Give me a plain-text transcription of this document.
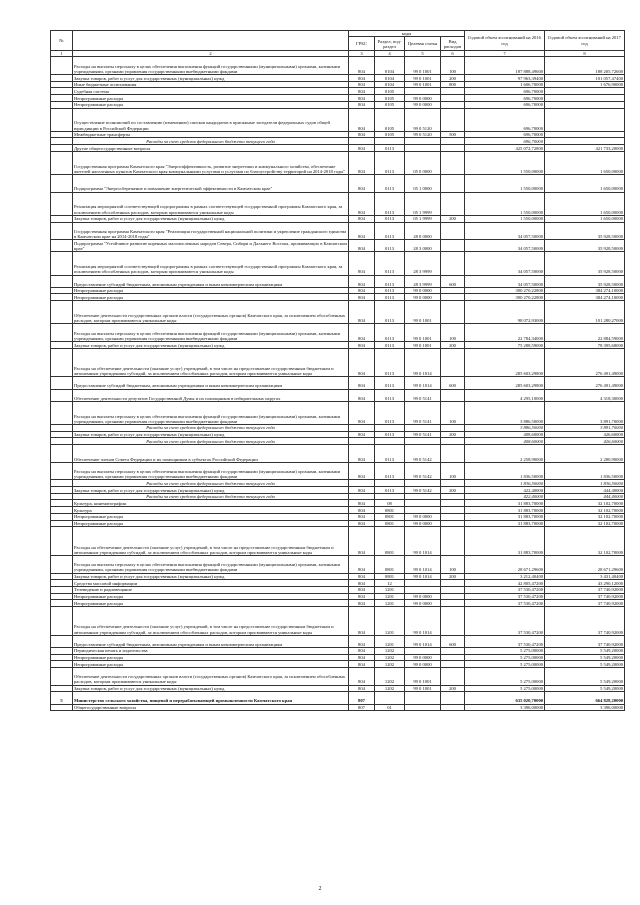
№		коды				Годовой объем ассигнований на 2016 год	Годовой объем ассигнований на 2017 год
		ГРБС	Раздел, под-раздел	Целевая статья	Вид расходов		
1	2	3	4	5	6	7	8
	Расходы на выплаты персоналу в целях обеспечения выполнения функций государственными (муниципальными) органами, казенными учреждениями, органами управления государственными внебюджетными фондами	804	0104	99 0 1001	100	187 888,49600	188 205,72600
	Закупка товаров, работ и услуг для государственных (муниципальных) нужд	804	0104	99 0 1001	200	97 963,39400	101 057,47400
	Иные бюджетные ассигнования	804	0104	99 0 1001	800	1 606,70000	1 676,90000
	Судебная система	804	0105			696,70000	
	Непрограммные расходы	804	0105	99 0 0000		696,70000	
	Непрограммные расходы	804	0105	99 0 0000		696,70000	
	Осуществление полномочий по составлению (изменению) списков кандидатов в присяжные заседатели федеральных судов общей юрисдикции в Российской Федерации	804	0105	99 0 5120		696,70000	
	Межбюджетные трансферты	804	0105	99 0 5120	500	696,70000	
	Расходы за счет средств федерального бюджета текущего года					696,70000	
	Другие общегосударственные вопросы	804	0113			425 072,72800	421 733,20000
	Государственная программа Камчатского края "Энергоэффективность, развитие энергетики и коммунального хозяйства, обеспечение жителей населенных пунктов Камчатского края коммунальными услугами и услугами по благоустройству территорий на 2014-2018 годы"	804	0113	05 0 0000		1 550,00000	1 650,00000
	Подпрограмма "Энергосбережение и повышение энергетической эффективности в Камчатском крае"	804	0113	05 1 0000		1 550,00000	1 650,00000
	Реализация мероприятий соответствующей подпрограммы в рамках соответствующей государственной программы Камчатского края, за исключением обособленных расходов, которым присваиваются уникальные коды	804	0113	05 1 9999		1 550,00000	1 650,00000
	Закупка товаров, работ и услуг для государственных (муниципальных) нужд	804	0113	05 1 9999	200	1 550,00000	1 650,00000
	Государственная программа Камчатского края "Реализация государственной национальной политики и укрепление гражданского единства в Камчатском крае на 2014-2018 годы"	804	0113	28 0 0000		34 057,50000	35 928,50000
	Подпрограмма "Устойчивое развитие коренных малочисленных народов Севера, Сибири и Дальнего Востока, проживающих в Камчатском крае"	804	0113	28 3 0000		34 057,50000	35 928,50000
	Реализация мероприятий соответствующей подпрограммы в рамках соответствующей государственной программы Камчатского края, за исключением обособленных расходов, которым присваиваются уникальные коды	804	0113	28 3 9999		34 057,50000	35 928,50000
	Предоставление субсидий бюджетным, автономным учреждениям и иным некоммерческим организациям	804	0113	28 3 9999	600	34 057,50000	35 928,50000
	Непрограммные расходы	804	0113	99 0 0000		390 270,22800	384 274,10000
	Непрограммные расходы	804	0113	99 0 0000		390 270,22800	384 274,10000
	Обеспечение деятельности государственных органов власти (государственных органов) Камчатского края, за исключением обособленных расходов, которым присваиваются уникальные коды	804	0113	99 0 1001		98 072,93000	101 280,27000
	Расходы на выплаты персоналу в целях обеспечения выполнения функций государственными (муниципальными) органами, казенными учреждениями, органами управления государственными внебюджетными фондами	804	0113	99 0 1001	100	22 784,34000	22 884,59000
	Закупка товаров, работ и услуг для государственных (муниципальных) нужд	804	0113	99 0 1001	200	75 288,59000	78 395,68000
	Расходы на обеспечение деятельности (оказание услуг) учреждений, в том числе на предоставление государственным бюджетным и автономным учреждениям субсидий, за исключением обособленных расходов, которым присваиваются уникальные коды	804	0113	99 0 1014		285 603,29800	276 491,49000
	Предоставление субсидий бюджетным, автономным учреждениям и иным некоммерческим организациям	804	0113	99 0 1014	600	285 603,29800	276 491,49000
	Обеспечение деятельности депутатов Государственной Думы и их помощников в избирательных округах	804	0113	99 0 5141		4 295,10000	4 318,30000
	Расходы на выплаты персоналу в целях обеспечения выполнения функций государственными (муниципальными) органами, казенными учреждениями, органами управления государственными внебюджетными фондами	804	0113	99 0 5141	100	3 886,50000	3 891,70000
	Расходы за счет средств федерального бюджета текущего года					3 886,50000	3 891,70000
	Закупка товаров, работ и услуг для государственных (муниципальных) нужд	804	0113	99 0 5141	200	408,60000	426,60000
	Расходы за счет средств федерального бюджета текущего года					408,60000	426,60000
	Обеспечение членов Совета Федерации и их помощников в субъектах Российской Федерации	804	0113	99 0 5142		2 258,90000	2 280,90000
	Расходы на выплаты персоналу в целях обеспечения выполнения функций государственными (муниципальными) органами, казенными учреждениями, органами управления государственными внебюджетными фондами	804	0113	99 0 5142	100	1 836,50000	1 836,50000
	Расходы за счет средств федерального бюджета текущего года					1 836,50000	1 836,50000
	Закупка товаров, работ и услуг для государственных (муниципальных) нужд	804	0113	99 0 5142	200	422,40000	444,40000
	Расходы за счет средств федерального бюджета текущего года					422,40000	444,40000
	Культура, кинематография	804	08			31 883,70000	32 102,70000
	Культура	804	0801			31 883,70000	32 102,70000
	Непрограммные расходы	804	0801	99 0 0000		31 883,70000	32 102,70000
	Непрограммные расходы	804	0801	99 0 0000		31 883,70000	32 102,70000
	Расходы на обеспечение деятельности (оказание услуг) учреждений, в том числе на предоставление государственным бюджетным и автономным учреждениям субсидий, за исключением обособленных расходов, которым присваиваются уникальные коды	804	0801	99 0 1014		31 883,70000	32 102,70000
	Расходы на выплаты персоналу в целях обеспечения выполнения функций государственными (муниципальными) органами, казенными учреждениями, органами управления государственными внебюджетными фондами	804	0801	99 0 1014	100	28 671,29600	28 671,29600
	Закупка товаров, работ и услуг для государственных (муниципальных) нужд	804	0801	99 0 1014	200	3 212,40400	3 431,40400
	Средства массовой информации	804	12			42 805,47200	43 290,12000
	Телевидение и радиовещание	804	1201			37 530,47200	37 740,92000
	Непрограммные расходы	804	1201	99 0 0000		37 530,47200	37 740,92000
	Непрограммные расходы	804	1201	99 0 0000		37 530,47200	37 740,92000
	Расходы на обеспечение деятельности (оказание услуг) учреждений, в том числе на предоставление государственным бюджетным и автономным учреждениям субсидий, за исключением обособленных расходов, которым присваиваются уникальные коды	804	1201	99 0 1014		37 530,47200	37 740,92000
	Предоставление субсидий бюджетным, автономным учреждениям и иным некоммерческим организациям	804	1201	99 0 1014	600	37 530,47200	37 740,92000
	Периодическая печать и издательства	804	1202			5 275,00000	5 549,20000
	Непрограммные расходы	804	1202	99 0 0000		5 275,00000	5 549,20000
	Непрограммные расходы	804	1202	99 0 0000		5 275,00000	5 549,20000
	Обеспечение деятельности государственных органов власти (государственных органов) Камчатского края, за исключением обособленных расходов, которым присваиваются уникальные коды	804	1202	99 0 1001		5 275,00000	5 549,20000
	Закупка товаров, работ и услуг для государственных (муниципальных) нужд	804	1202	99 0 1001	200	5 275,00000	5 549,20000
5	Министерство сельского хозяйства, пищевой и перерабатывающей промышленности Камчатского края	807				635 020,70000	664 828,20000
	Общегосударственные вопросы	807	01			3 396,00000	3 396,00000
2
